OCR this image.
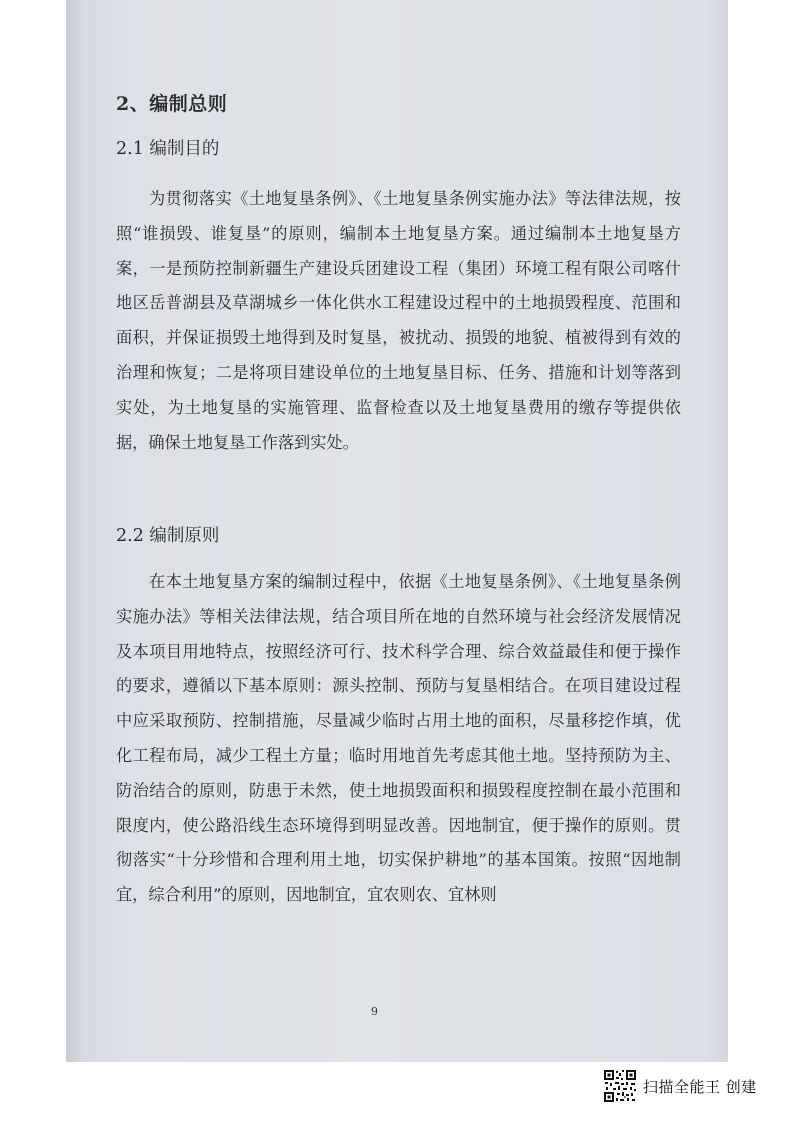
2、编制总则
2.1 编制目的
为贯彻落实《土地复垦条例》、《土地复垦条例实施办法》等法律法规，按照“谁损毁、谁复垦”的原则，编制本土地复垦方案。通过编制本土地复垦方案，一是预防控制新疆生产建设兵团建设工程（集团）环境工程有限公司喀什地区岳普湖县及草湖城乡一体化供水工程建设过程中的土地损毁程度、范围和面积，并保证损毁土地得到及时复垦，被扰动、损毁的地貌、植被得到有效的治理和恢复；二是将项目建设单位的土地复垦目标、任务、措施和计划等落到实处，为土地复垦的实施管理、监督检查以及土地复垦费用的缴存等提供依据，确保土地复垦工作落到实处。
2.2 编制原则
在本土地复垦方案的编制过程中，依据《土地复垦条例》、《土地复垦条例实施办法》等相关法律法规，结合项目所在地的自然环境与社会经济发展情况及本项目用地特点，按照经济可行、技术科学合理、综合效益最佳和便于操作的要求，遵循以下基本原则：源头控制、预防与复垦相结合。在项目建设过程中应采取预防、控制措施，尽量减少临时占用土地的面积，尽量移挖作填，优化工程布局，减少工程土方量；临时用地首先考虑其他土地。坚持预防为主、防治结合的原则，防患于未然，使土地损毁面积和损毁程度控制在最小范围和限度内，使公路沿线生态环境得到明显改善。因地制宜，便于操作的原则。贯彻落实“十分珍惜和合理利用土地，切实保护耕地”的基本国策。按照“因地制宜，综合利用”的原则，因地制宜，宜农则农、宜林则
9
扫描全能王 创建
